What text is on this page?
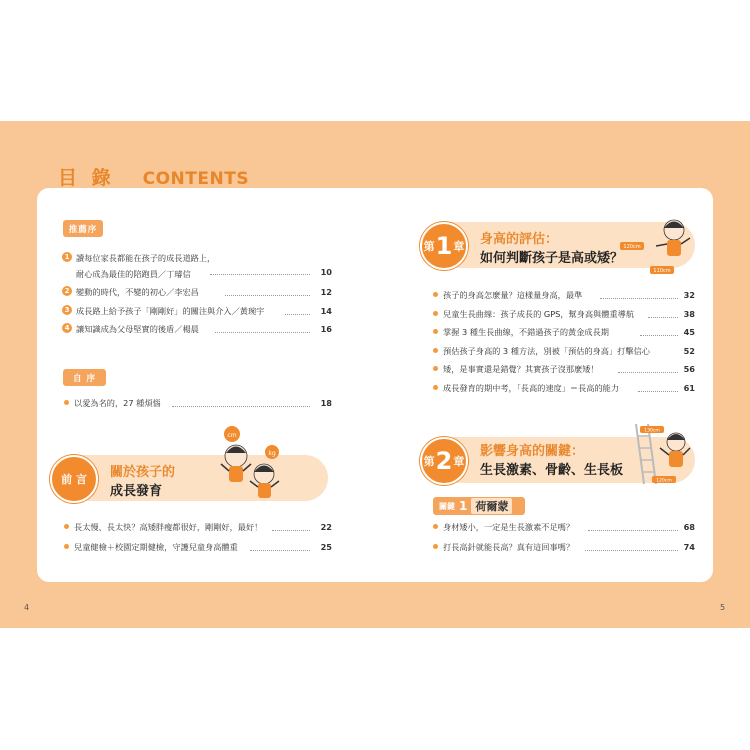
目 錄 CONTENTS
推薦序
1 讀每位家長都能在孩子的成長道路上，
耐心成為最佳的陪跑員／丁璿信	10
2 變動的時代，不變的初心／李宏昌	12
3 成長路上給予孩子「剛剛好」的關注與介入／黃琬宇	14
4 讓知識成為父母堅實的後盾／楊晨	16
自 序
以愛為名的，27 種煩惱	18
前 言 關於孩子的
成長發育
cm
kg
長太慢、長太快？高矮胖瘦都很好，剛剛好，最好！	22
兒童健檢＋校園定期健檢，守護兒童身高體重	25
第 1 章 身高的評估：
如何判斷孩子是高或矮？
120cm
110cm
孩子的身高怎麼量？這樣量身高，最準	32
兒童生長曲線：孩子成長的 GPS，幫身高與體重導航	38
掌握 3 種生長曲線，不錯過孩子的黃金成長期	45
預估孩子身高的 3 種方法，別被「預估的身高」打擊信心	52
矮，是事實還是錯覺？其實孩子沒那麼矮！	56
成長發育的期中考，「長高的速度」＝長高的能力	61
第 2 章
影響身高的關鍵：
生長激素、骨齡、生長板
130cm
120cm
關鍵 1 荷爾蒙
身材矮小，一定是生長激素不足嗎？	68
打長高針就能長高？真有這回事嗎？	74
4	5
